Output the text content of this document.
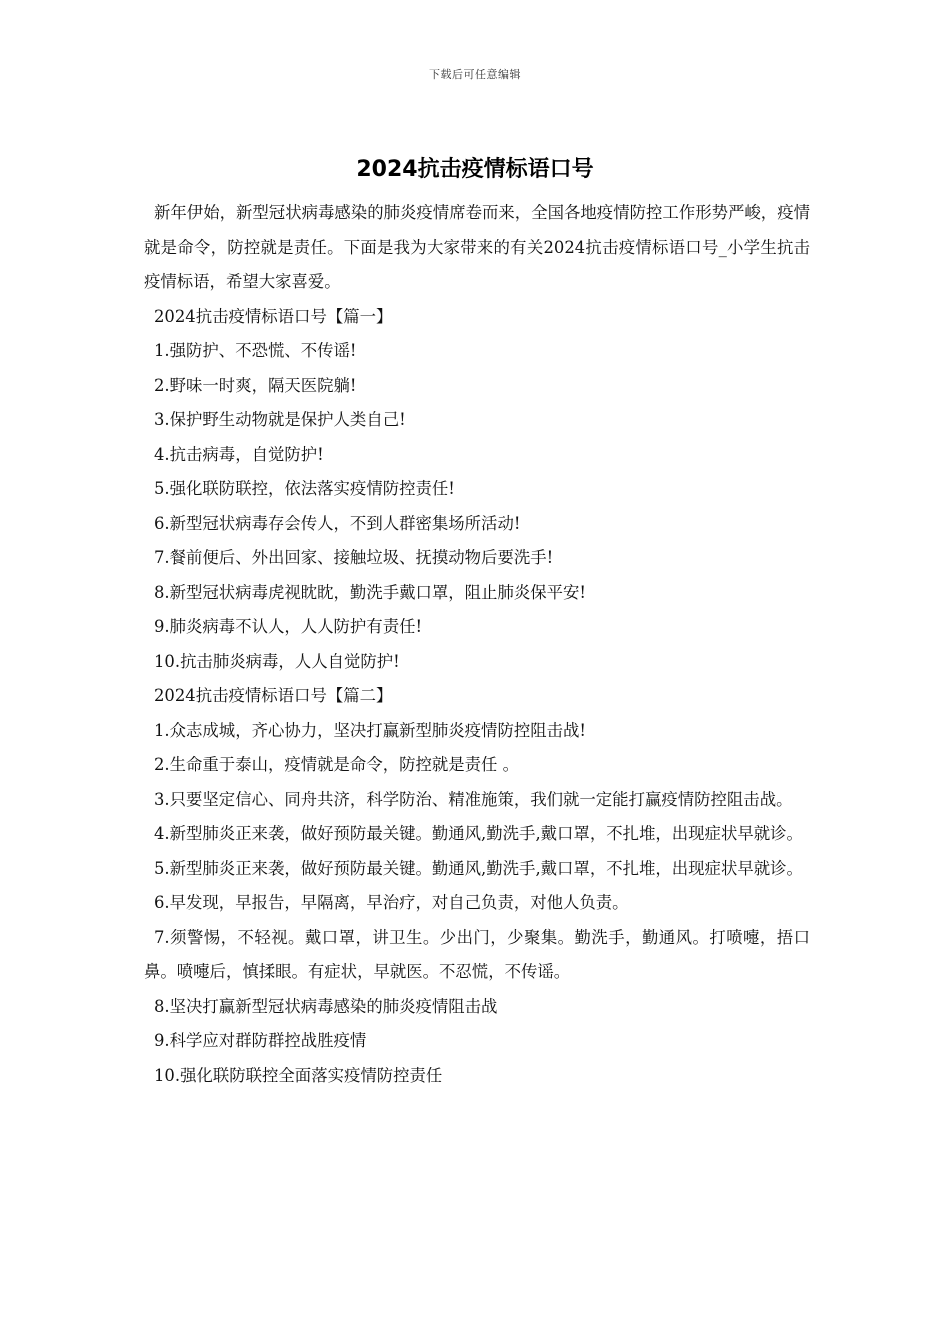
下载后可任意编辑
2024抗击疫情标语口号

新年伊始，新型冠状病毒感染的肺炎疫情席卷而来，全国各地疫情防控工作形势严峻，疫情就是命令，防控就是责任。下面是我为大家带来的有关2024抗击疫情标语口号_小学生抗击疫情标语，希望大家喜爱。

2024抗击疫情标语口号【篇一】

1.强防护、不恐慌、不传谣!

2.野味一时爽，隔天医院躺!

3.保护野生动物就是保护人类自己!

4.抗击病毒，自觉防护!

5.强化联防联控，依法落实疫情防控责任!

6.新型冠状病毒存会传人，不到人群密集场所活动!

7.餐前便后、外出回家、接触垃圾、抚摸动物后要洗手!

8.新型冠状病毒虎视眈眈，勤洗手戴口罩，阻止肺炎保平安!

9.肺炎病毒不认人，人人防护有责任!

10.抗击肺炎病毒，人人自觉防护!

2024抗击疫情标语口号【篇二】

1.众志成城，齐心协力，坚决打赢新型肺炎疫情防控阻击战!

2.生命重于泰山，疫情就是命令，防控就是责任 。

3.只要坚定信心、同舟共济，科学防治、精准施策，我们就一定能打赢疫情防控阻击战。

4.新型肺炎正来袭，做好预防最关键。勤通风,勤洗手,戴口罩，不扎堆，出现症状早就诊。

5.新型肺炎正来袭，做好预防最关键。勤通风,勤洗手,戴口罩，不扎堆，出现症状早就诊。

6.早发现，早报告，早隔离，早治疗，对自己负责，对他人负责。

7.须警惕，不轻视。戴口罩，讲卫生。少出门，少聚集。勤洗手，勤通风。打喷嚏，捂口鼻。喷嚏后，慎揉眼。有症状，早就医。不忍慌，不传谣。

8.坚决打赢新型冠状病毒感染的肺炎疫情阻击战

9.科学应对群防群控战胜疫情

10.强化联防联控全面落实疫情防控责任
